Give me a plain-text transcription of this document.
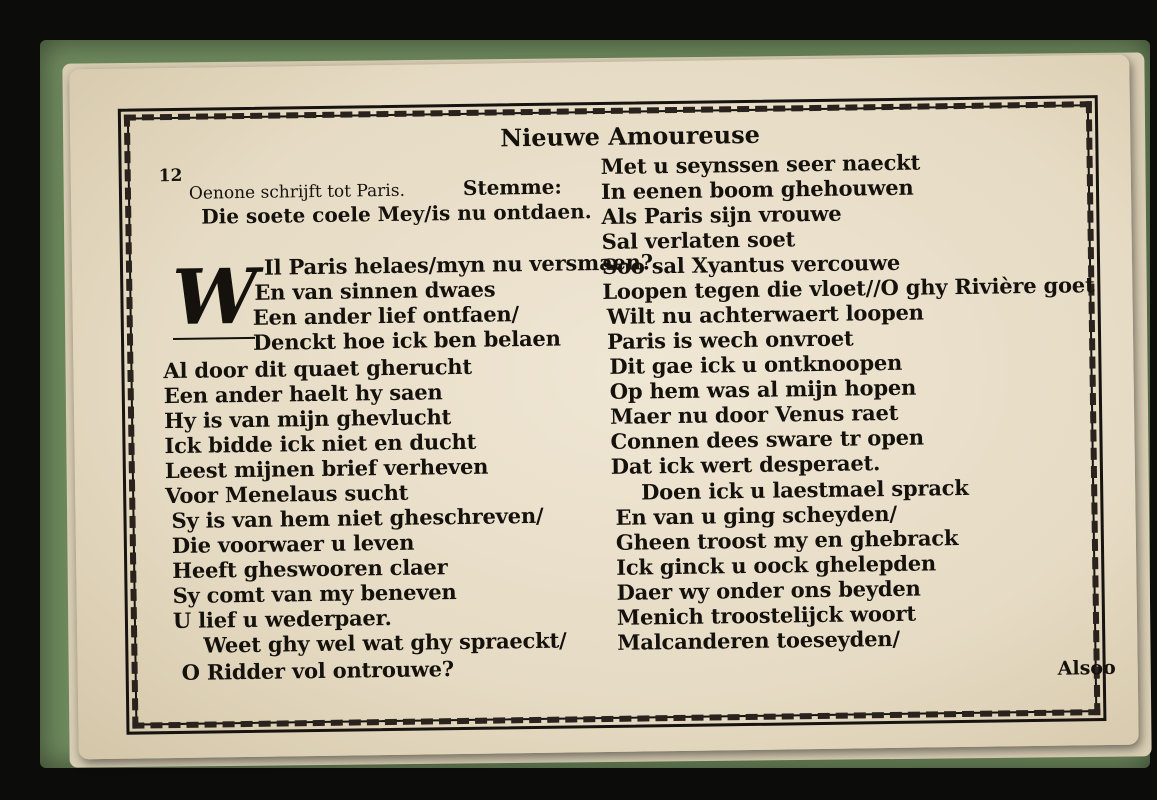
Nieuwe Amoureuse
12
Oenone schrijft tot Paris.	Stemme:
Die soete coele Mey/is nu ontdaen.
W Il Paris helaes/myn nu versmaen?
En van sinnen dwaes
Een ander lief ontfaen/
Denckt hoe ick ben belaen
Al door dit quaet gherucht
Een ander haelt hy saen
Hy is van mijn ghevlucht
Ick bidde ick niet en ducht
Leest mijnen brief verheven
Voor Menelaus sucht
Sy is van hem niet gheschreven/
Die voorwaer u leven
Heeft gheswooren claer
Sy comt van my beneven
U lief u wederpaer.
Weet ghy wel wat ghy spraeckt/
O Ridder vol ontrouwe?
Met u seynssen seer naeckt
In eenen boom ghehouwen
Als Paris sijn vrouwe
Sal verlaten soet
Soo sal Xyantus vercouwe
Loopen tegen die vloet//O ghy Rivière goet
Wilt nu achterwaert loopen
Paris is wech onvroet
Dit gae ick u ontknoopen
Op hem was al mijn hopen
Maer nu door Venus raet
Connen dees sware tr open
Dat ick wert desperaet.
Doen ick u laestmael sprack
En van u ging scheyden/
Gheen troost my en ghebrack
Ick ginck u oock ghelepden
Daer wy onder ons beyden
Menich troostelijck woort
Malcanderen toeseyden/
Alsoo
